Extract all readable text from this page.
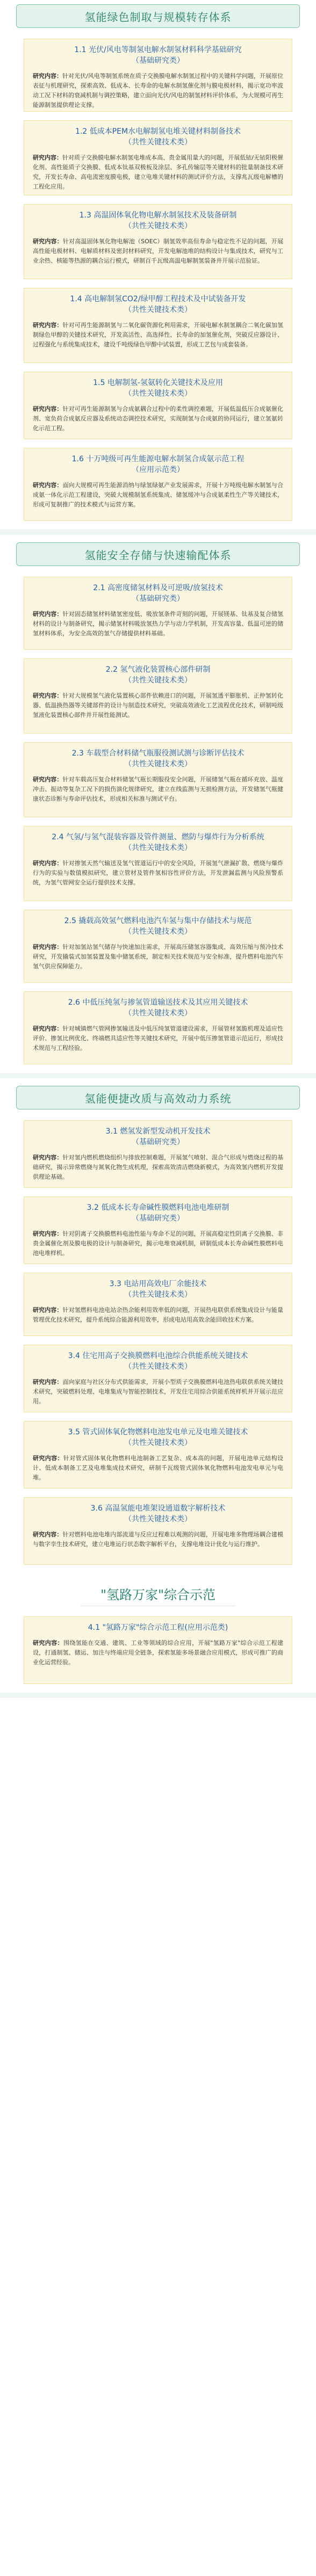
氢能绿色制取与规模转存体系
1.1 光伏/风电等制氢电解水制氢材料科学基础研究
（基础研究类）
研究内容：针对光伏/风电等制氢系统在质子交换膜电解水制氢过程中的关键科学问题，开展原位表征与机理研究，探索高效、低成本、长寿命的电解水制氢催化剂与膜电极材料，揭示宽功率波动工况下材料的衰减机制与调控策略，建立面向光伏/风电的制氢材料评价体系，为大规模可再生能源制氢提供理论支撑。
1.2 低成本PEM水电解制氢电堆关键材料制备技术
（共性关键技术类）
研究内容：针对质子交换膜电解水制氢电堆成本高、贵金属用量大的问题，开展低铱/无铱阳极催化剂、高性能质子交换膜、低成本钛基双极板及涂层、多孔传输层等关键材料的批量制备技术研究，开发长寿命、高电流密度膜电极，建立电堆关键材料的测试评价方法，支撑兆瓦级电解槽的工程化应用。
1.3 高温固体氧化物电解水制氢技术及装备研制
（共性关键技术类）
研究内容：针对高温固体氧化物电解池（SOEC）制氢效率高但寿命与稳定性不足的问题，开展高性能电极材料、电解质材料及密封材料研究，开发电解池堆的结构设计与集成技术，研究与工业余热、核能等热源的耦合运行模式，研制百千瓦级高温电解制氢装备并开展示范验证。
1.4 高电解制氢CO2/绿甲醇工程技术及中试装备开发
（共性关键技术类）
研究内容：针对可再生能源制氢与二氧化碳资源化利用需求，开展电解水制氢耦合二氧化碳加氢制绿色甲醇的关键技术研究，开发高活性、高选择性、长寿命的加氢催化剂，突破反应器设计、过程强化与系统集成技术，建设千吨级绿色甲醇中试装置，形成工艺包与成套装备。
1.5 电解制氢-氢氨转化关键技术及应用
（共性关键技术类）
研究内容：针对可再生能源制氢与合成氨耦合过程中的柔性调控难题，开展低温低压合成氨催化剂、宽负荷合成氨反应器及系统动态调控技术研究，实现制氢与合成氨的协同运行，建立氢氨转化示范工程。
1.6 十万吨级可再生能源电解水制氢合成氨示范工程
（应用示范类）
研究内容：面向大规模可再生能源消纳与绿氢绿氨产业发展需求，开展十万吨级电解水制氢与合成氨一体化示范工程建设，突破大规模制氢系统集成、储氢缓冲与合成氨柔性生产等关键技术，形成可复制推广的技术模式与运营方案。
氢能安全存储与快速输配体系
2.1 高密度储氢材料及可逆吸/放氢技术
（基础研究类）
研究内容：针对固态储氢材料储氢密度低、吸放氢条件苛刻的问题，开展镁基、钛基及复合储氢材料的设计与制备研究，揭示储氢材料吸放氢热力学与动力学机制，开发高容量、低温可逆的储氢材料体系，为安全高效的氢气存储提供材料基础。
2.2 氢气液化装置核心部件研制
（共性关键技术类）
研究内容：针对大规模氢气液化装置核心部件依赖进口的问题，开展氢透平膨胀机、正仲氢转化器、低温换热器等关键部件的设计与制造技术研究，突破高效液化工艺流程优化技术，研制吨级氢液化装置核心部件并开展性能测试。
2.3 车载型合材料储气瓶服役测试测与诊断评估技术
（共性关键技术类）
研究内容：针对车载高压复合材料储氢气瓶长期服役安全问题，开展储氢气瓶在循环充放、温度冲击、振动等复杂工况下的损伤演化规律研究，建立在线监测与无损检测方法，开发储氢气瓶健康状态诊断与寿命评估技术，形成相关标准与测试平台。
2.4 气氢/与氢气混装容器及管件测量、燃防与爆炸行为分析系统
（共性关键技术类）
研究内容：针对掺氢天然气输送及氢气管道运行中的安全风险，开展氢气泄漏扩散、燃烧与爆炸行为的实验与数值模拟研究，建立管材及管件氢相容性评价方法，开发泄漏监测与风险预警系统，为氢气管网安全运行提供技术支撑。
2.5 撬载高效氢气燃料电池汽车氢与集中存储技术与规范
（共性关键技术类）
研究内容：针对加氢站氢气储存与快速加注需求，开展高压储氢容器集成、高效压缩与预冷技术研究，开发撬装式加氢装置及集中储氢系统，制定相关技术规范与安全标准，提升燃料电池汽车氢气供应保障能力。
2.6 中低压纯氢与掺氢管道输送技术及其应用关键技术
（共性关键技术类）
研究内容：针对城镇燃气管网掺氢输送及中低压纯氢管道建设需求，开展管材氢脆机理及适应性评价、掺氢比例优化、终端燃具适应性等关键技术研究，开展中低压掺氢管道示范运行，形成技术规范与工程经验。
氢能便捷改质与高效动力系统
3.1 燃氢发新型发动机开发技术
（基础研究类）
研究内容：针对氢内燃机燃烧组织与排放控制难题，开展氢气喷射、混合气形成与燃烧过程的基础研究，揭示异常燃烧与氮氧化物生成机理，探索高效清洁燃烧新模式，为高效氢内燃机开发提供理论基础。
3.2 低成本长寿命碱性膜燃料电池电堆研制
（基础研究类）
研究内容：针对阴离子交换膜燃料电池性能与寿命不足的问题，开展高稳定性阴离子交换膜、非贵金属催化剂及膜电极的设计与制备研究，揭示电堆衰减机制，研制低成本长寿命碱性膜燃料电池电堆样机。
3.3 电站用高效电厂余能技术
（共性关键技术类）
研究内容：针对氢燃料电池电站余热余能利用效率低的问题，开展热电联供系统集成设计与能量管理优化技术研究，提升系统综合能源利用效率，形成电站用高效余能回收技术方案。
3.4 住宅用高子交换膜燃料电池综合供能系统关键技术
（共性关键技术类）
研究内容：面向家庭与社区分布式供能需求，开展小型质子交换膜燃料电池热电联供系统关键技术研究，突破燃料处理、电堆集成与智能控制技术，开发住宅用综合供能系统样机并开展示范应用。
3.5 管式固体氧化物燃料电池发电单元及电堆关键技术
（共性关键技术类）
研究内容：针对管式固体氧化物燃料电池制备工艺复杂、成本高的问题，开展电池单元结构设计、低成本制备工艺及电堆集成技术研究，研制千瓦级管式固体氧化物燃料电池发电单元与电堆。
3.6 高温氢能电堆架设通道数字解析技术
（共性关键技术类）
研究内容：针对燃料电池电堆内部流道与反应过程难以观测的问题，开展电堆多物理场耦合建模与数字孪生技术研究，建立电堆运行状态数字解析平台，支撑电堆设计优化与运行维护。
"氢路万家"综合示范
4.1 "氢路万家"综合示范工程(应用示范类)
研究内容：围绕氢能在交通、建筑、工业等领域的综合应用，开展"氢路万家"综合示范工程建设，打通制氢、储运、加注与终端应用全链条，探索氢能多场景融合应用模式，形成可推广的商业化运营经验。
